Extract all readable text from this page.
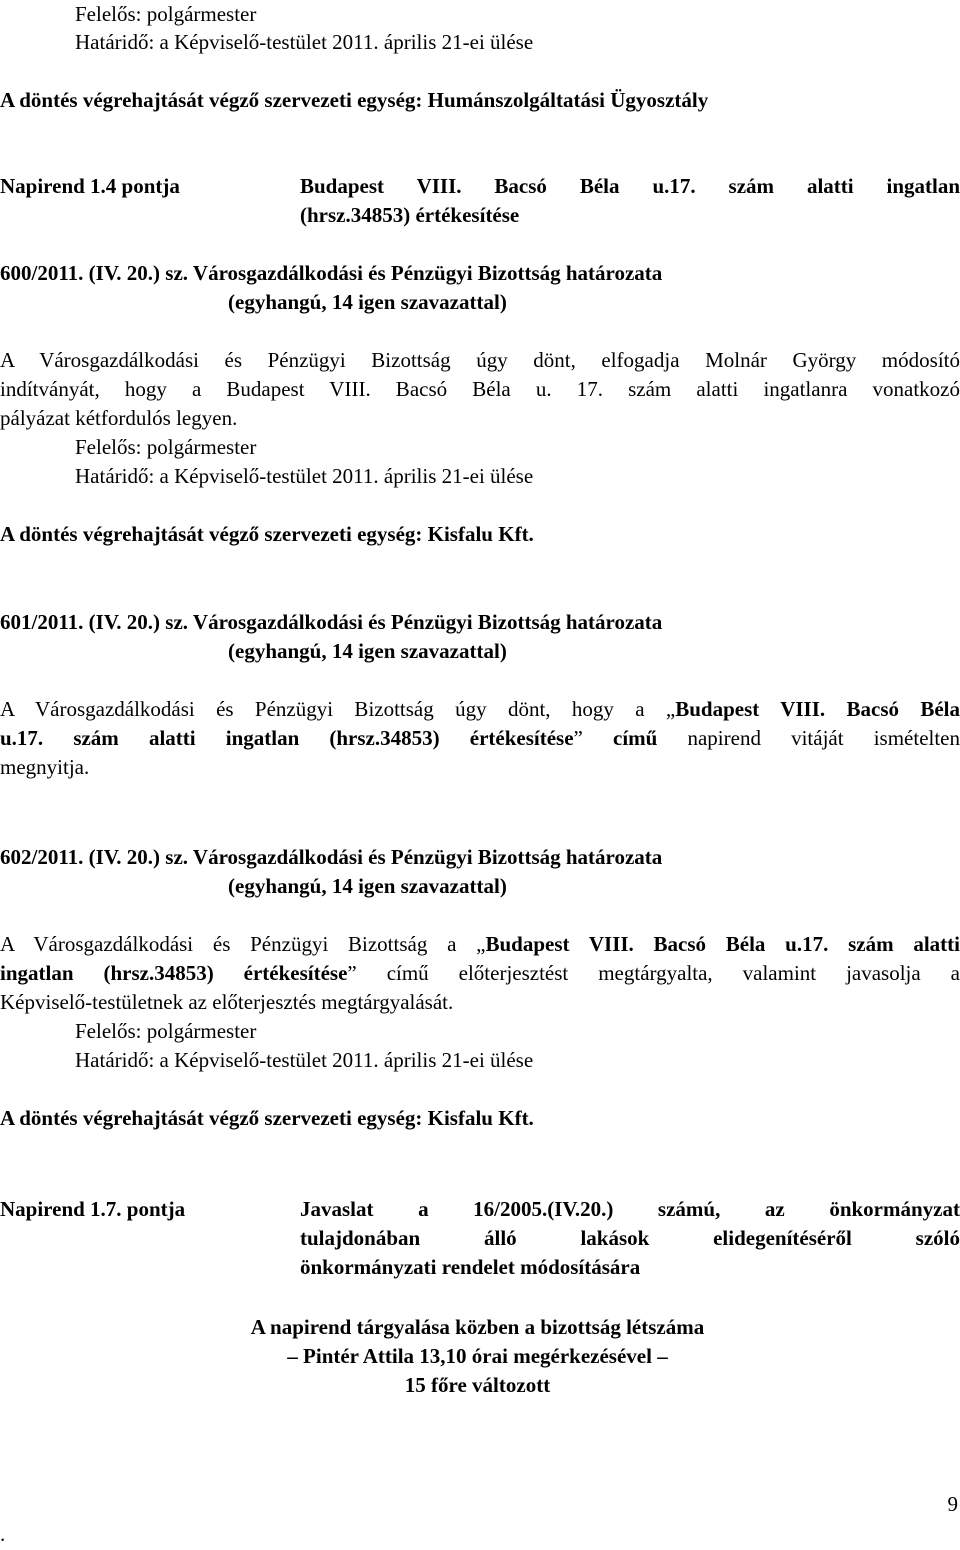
Felelős: polgármester
Határidő: a Képviselő-testület 2011. április 21-ei ülése
A döntés végrehajtását végző szervezeti egység: Humánszolgáltatási Ügyosztály
Napirend 1.4 pontja	Budapest VIII. Bacsó Béla u.17. szám alatti ingatlan
(hrsz.34853) értékesítése
600/2011. (IV. 20.) sz. Városgazdálkodási és Pénzügyi Bizottság határozata
(egyhangú, 14 igen szavazattal)
A Városgazdálkodási és Pénzügyi Bizottság úgy dönt, elfogadja Molnár György módosító
indítványát, hogy a Budapest VIII. Bacsó Béla u. 17. szám alatti ingatlanra vonatkozó
pályázat kétfordulós legyen.
Felelős: polgármester
Határidő: a Képviselő-testület 2011. április 21-ei ülése
A döntés végrehajtását végző szervezeti egység: Kisfalu Kft.
601/2011. (IV. 20.) sz. Városgazdálkodási és Pénzügyi Bizottság határozata
(egyhangú, 14 igen szavazattal)
A Városgazdálkodási és Pénzügyi Bizottság úgy dönt, hogy a „Budapest VIII. Bacsó Béla
u.17. szám alatti ingatlan (hrsz.34853) értékesítése” című napirend vitáját ismételten
megnyitja.
602/2011. (IV. 20.) sz. Városgazdálkodási és Pénzügyi Bizottság határozata
(egyhangú, 14 igen szavazattal)
A Városgazdálkodási és Pénzügyi Bizottság a „Budapest VIII. Bacsó Béla u.17. szám alatti
ingatlan (hrsz.34853) értékesítése” című előterjesztést megtárgyalta, valamint javasolja a
Képviselő-testületnek az előterjesztés megtárgyalását.
Felelős: polgármester
Határidő: a Képviselő-testület 2011. április 21-ei ülése
A döntés végrehajtását végző szervezeti egység: Kisfalu Kft.
Napirend 1.7. pontja	Javaslat a 16/2005.(IV.20.) számú, az önkormányzat
tulajdonában álló lakások elidegenítéséről szóló
önkormányzati rendelet módosítására
A napirend tárgyalása közben a bizottság létszáma
– Pintér Attila 13,10 órai megérkezésével –
15 főre változott
9
.
